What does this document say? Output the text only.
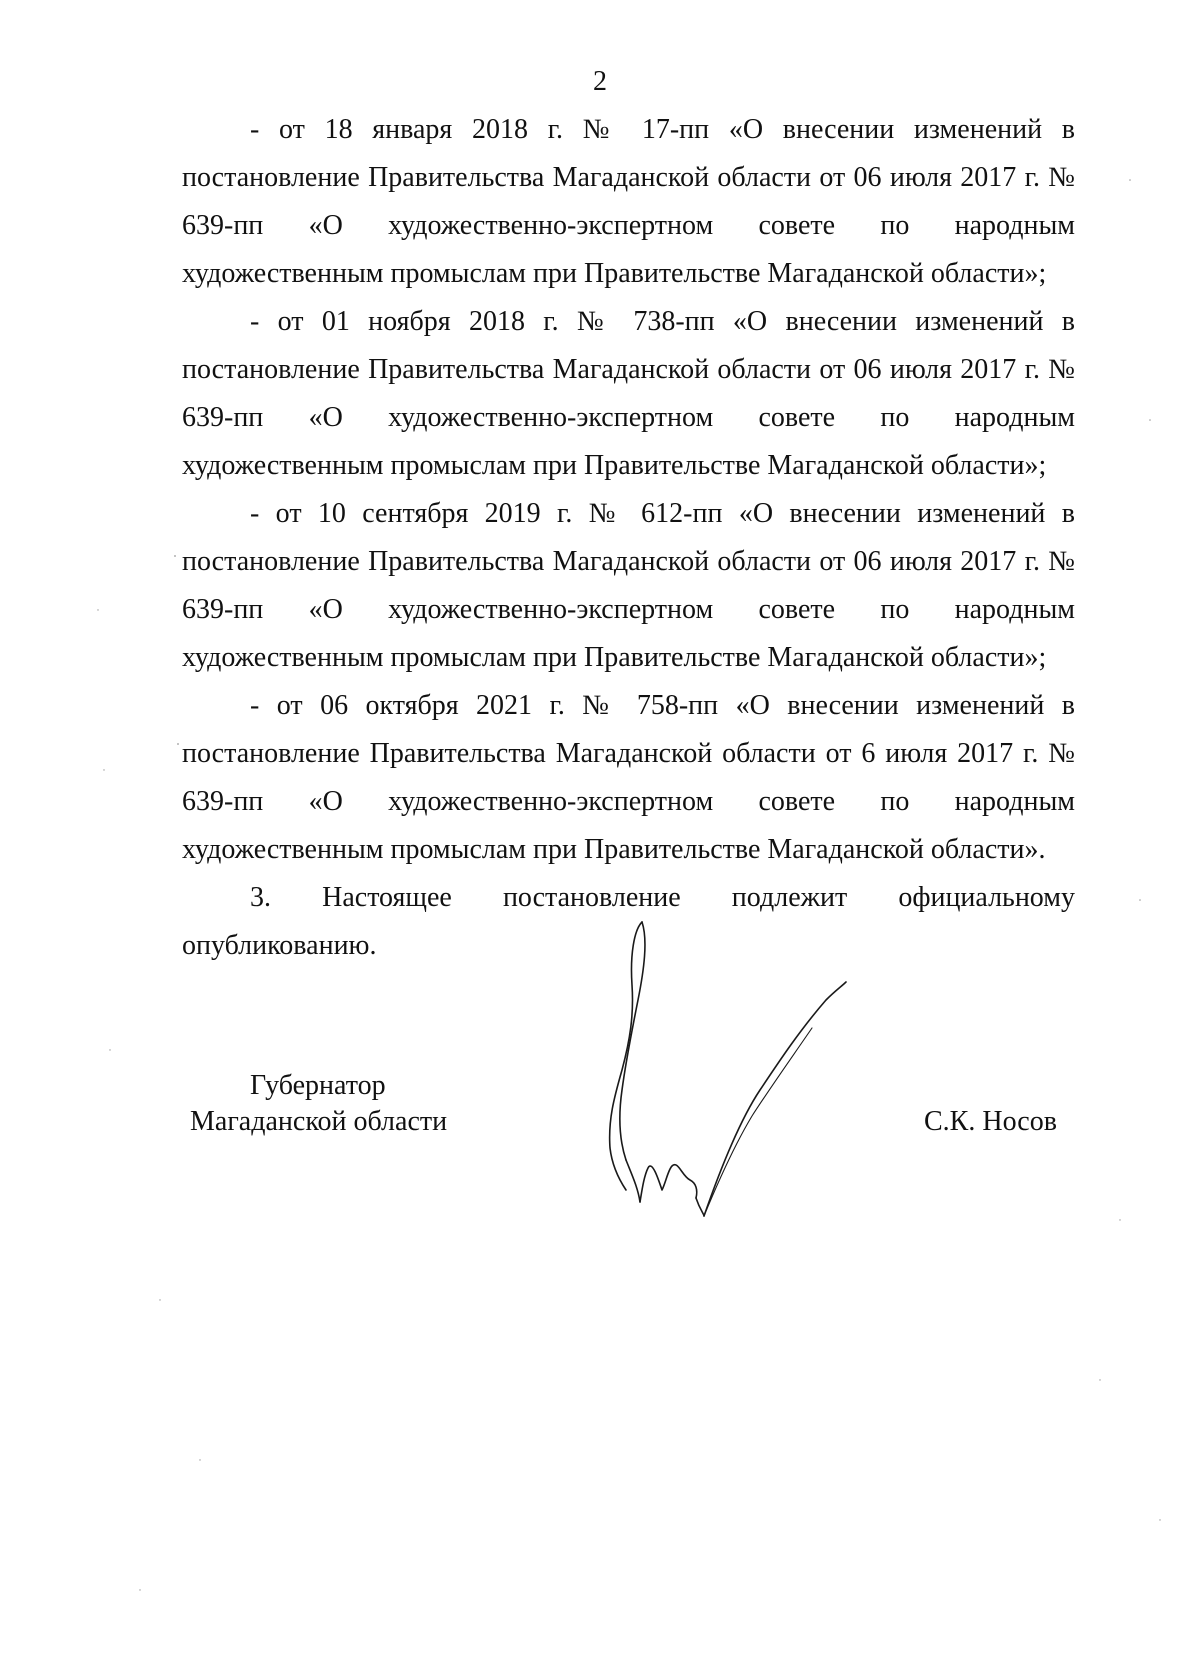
2

- от 18 января 2018 г. № 17-пп «О внесении изменений в постановление Правительства Магаданской области от 06 июля 2017 г. № 639-пп «О художественно-экспертном совете по народным художественным промыслам при Правительстве Магаданской области»;

- от 01 ноября 2018 г. № 738-пп «О внесении изменений в постановление Правительства Магаданской области от 06 июля 2017 г. № 639-пп «О художественно-экспертном совете по народным художественным промыслам при Правительстве Магаданской области»;

- от 10 сентября 2019 г. № 612-пп «О внесении изменений в постановление Правительства Магаданской области от 06 июля 2017 г. № 639-пп «О художественно-экспертном совете по народным художественным промыслам при Правительстве Магаданской области»;

- от 06 октября 2021 г. № 758-пп «О внесении изменений в постановление Правительства Магаданской области от 6 июля 2017 г. № 639-пп «О художественно-экспертном совете по народным художественным промыслам при Правительстве Магаданской области».

3. Настоящее постановление подлежит официальному опубликованию.

Губернатор
Магаданской области	С.К. Носов
